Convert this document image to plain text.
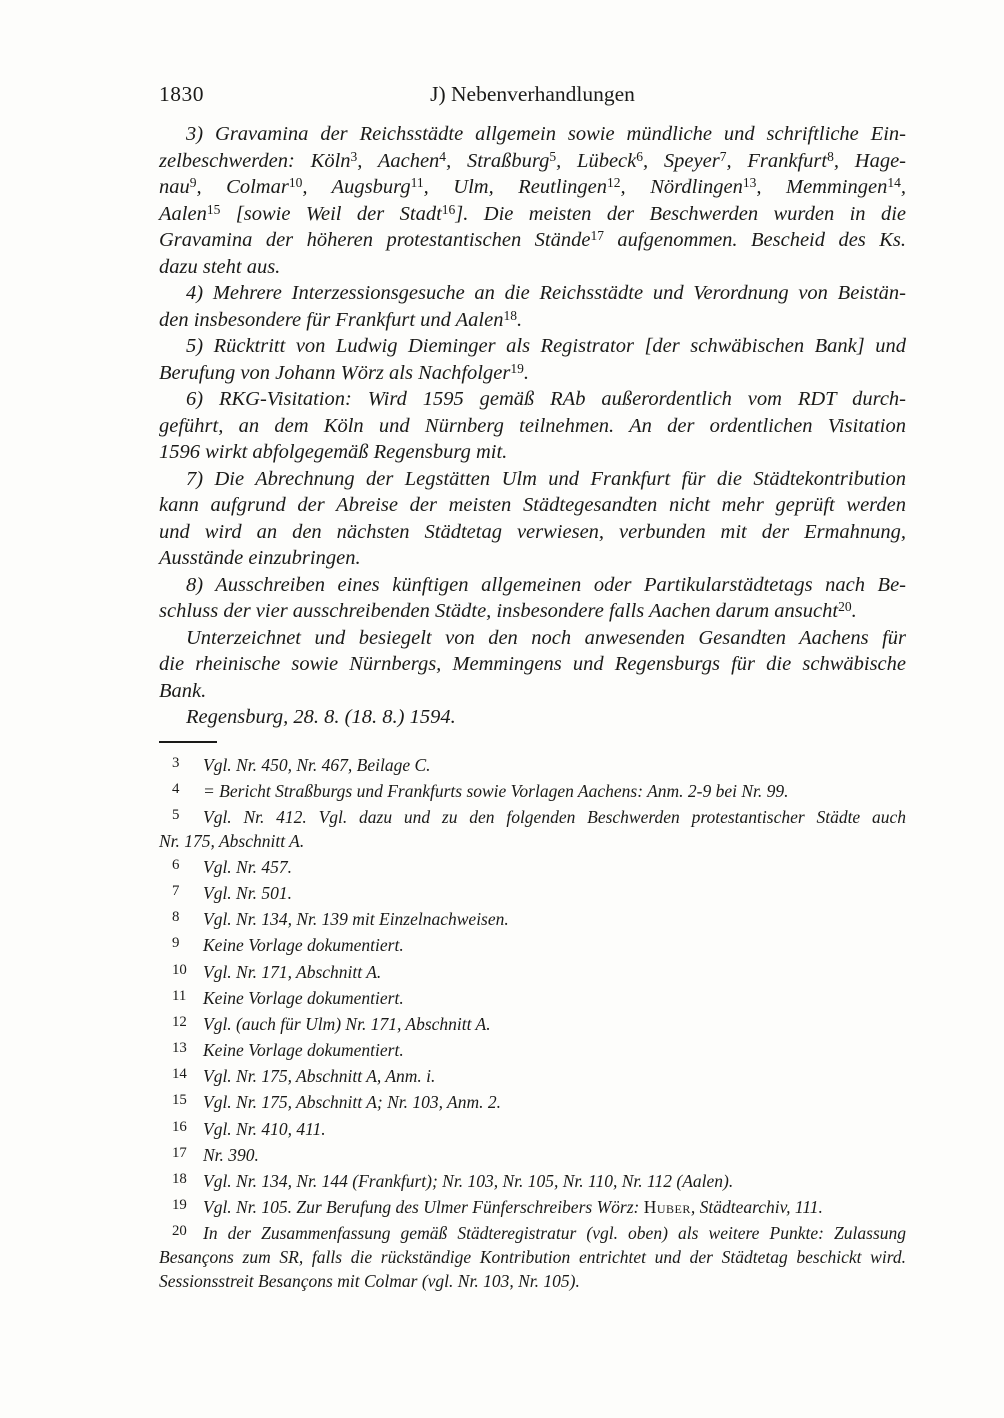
1830	J) Nebenverhandlungen
3) Gravamina der Reichsstädte allgemein sowie mündliche und schriftliche Ein-
zelbeschwerden: Köln$^3$, Aachen$^4$, Straßburg$^5$, Lübeck$^6$, Speyer$^7$, Frankfurt$^8$, Hage-
nau$^9$, Colmar$^{10}$, Augsburg$^{11}$, Ulm, Reutlingen$^{12}$, Nördlingen$^{13}$, Memmingen$^{14}$,
Aalen$^{15}$ [sowie Weil der Stadt$^{16}$]. Die meisten der Beschwerden wurden in die
Gravamina der höheren protestantischen Stände$^{17}$ aufgenommen. Bescheid des Ks.
dazu steht aus.
4) Mehrere Interzessionsgesuche an die Reichsstädte und Verordnung von Beistän-
den insbesondere für Frankfurt und Aalen$^{18}$.
5) Rücktritt von Ludwig Dieminger als Registrator [der schwäbischen Bank] und
Berufung von Johann Wörz als Nachfolger$^{19}$.
6) RKG-Visitation: Wird 1595 gemäß RAb außerordentlich vom RDT durch-
geführt, an dem Köln und Nürnberg teilnehmen. An der ordentlichen Visitation
1596 wirkt abfolgegemäß Regensburg mit.
7) Die Abrechnung der Legstätten Ulm und Frankfurt für die Städtekontribution
kann aufgrund der Abreise der meisten Städtegesandten nicht mehr geprüft werden
und wird an den nächsten Städtetag verwiesen, verbunden mit der Ermahnung,
Ausstände einzubringen.
8) Ausschreiben eines künftigen allgemeinen oder Partikularstädtetags nach Be-
schluss der vier ausschreibenden Städte, insbesondere falls Aachen darum ansucht$^{20}$.
Unterzeichnet und besiegelt von den noch anwesenden Gesandten Aachens für
die rheinische sowie Nürnbergs, Memmingens und Regensburgs für die schwäbische
Bank.
Regensburg, 28. 8. (18. 8.) 1594.
3 Vgl. Nr. 450, Nr. 467, Beilage C.
4 = Bericht Straßburgs und Frankfurts sowie Vorlagen Aachens: Anm. 2-9 bei Nr. 99.
5 Vgl. Nr. 412. Vgl. dazu und zu den folgenden Beschwerden protestantischer Städte auch
Nr. 175, Abschnitt A.
6 Vgl. Nr. 457.
7 Vgl. Nr. 501.
8 Vgl. Nr. 134, Nr. 139 mit Einzelnachweisen.
9 Keine Vorlage dokumentiert.
10 Vgl. Nr. 171, Abschnitt A.
11 Keine Vorlage dokumentiert.
12 Vgl. (auch für Ulm) Nr. 171, Abschnitt A.
13 Keine Vorlage dokumentiert.
14 Vgl. Nr. 175, Abschnitt A, Anm. i.
15 Vgl. Nr. 175, Abschnitt A; Nr. 103, Anm. 2.
16 Vgl. Nr. 410, 411.
17 Nr. 390.
18 Vgl. Nr. 134, Nr. 144 (Frankfurt); Nr. 103, Nr. 105, Nr. 110, Nr. 112 (Aalen).
19 Vgl. Nr. 105. Zur Berufung des Ulmer Fünferschreibers Wörz: Huber, Städtearchiv, 111.
20 In der Zusammenfassung gemäß Städteregistratur (vgl. oben) als weitere Punkte: Zulassung
Besançons zum SR, falls die rückständige Kontribution entrichtet und der Städtetag beschickt wird.
Sessionsstreit Besançons mit Colmar (vgl. Nr. 103, Nr. 105).
